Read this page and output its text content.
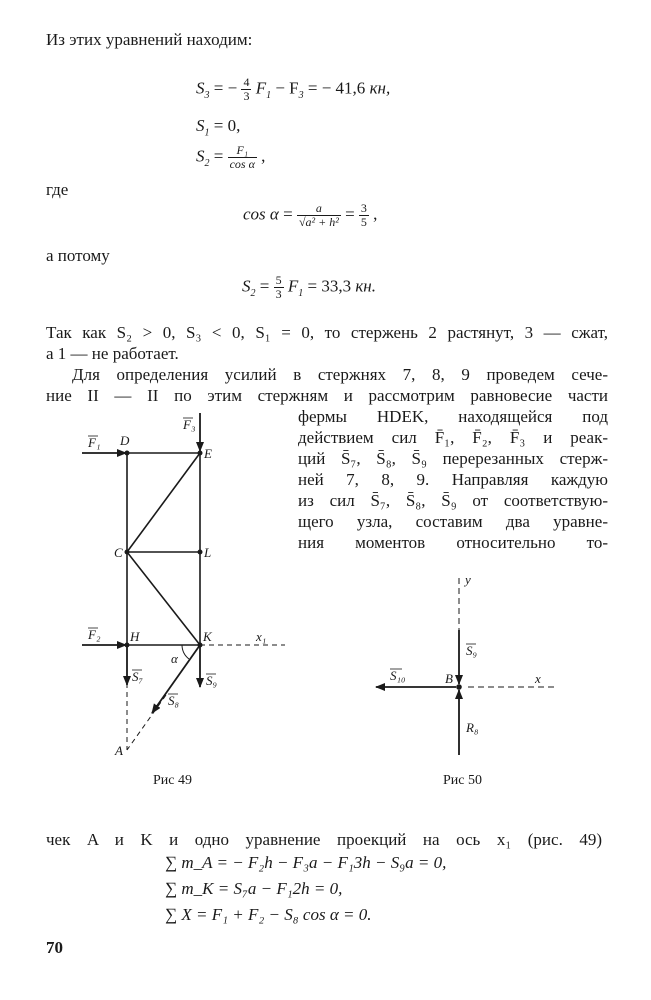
Из этих уравнений находим:
$S_3$ = − $\frac{4}{3} F_1 - F_3$ = − 41,6 кн,
$S_1 = 0$,
$S_2 = \frac{\text{F₁}}{\text{cos α}}$ ,
где
$\cos \alpha = \frac{a}{\text{√a² + h²}} = \frac{3}{5}$ ,
а потому
$S_2 = \frac{5}{3} F_1 = 33,3$ кн.
Так как S₂ > 0, S₃ < 0, S₁ = 0, то стержень 2 растянут, 3 — сжат,
а 1 — не работает.
Для определения усилий в стержнях 7, 8, 9 проведем сече-
ние II — II по этим стержням и рассмотрим равновесие части
фермы HDEK, находящейся под
действием сил F̄₁, F̄₂, F̄₃ и реак-
ций S̄₇, S̄₈, S̄₉ перерезанных стерж-
ней 7, 8, 9. Направляя каждую
из сил S̄₇, S̄₈, S̄₉ от соответствую-
щего узла, составим два уравне-
ния моментов относительно то-
F₁
F₂
F₃
D
E
C	L
H	K
A
S₇
S₈
S₉
α
x₁
Рис 49
y
x
B
S₉
S₁₀
R₈
Рис 50
чек A и K и одно уравнение проекций на ось x₁ (рис. 49)
∑ m_A = − F₂h − F₃a − F₁3h − S₉a = 0,
∑ m_K = S₇a − F₁2h = 0,
∑ X = F₁ + F₂ − S₈ cos α = 0.
70
